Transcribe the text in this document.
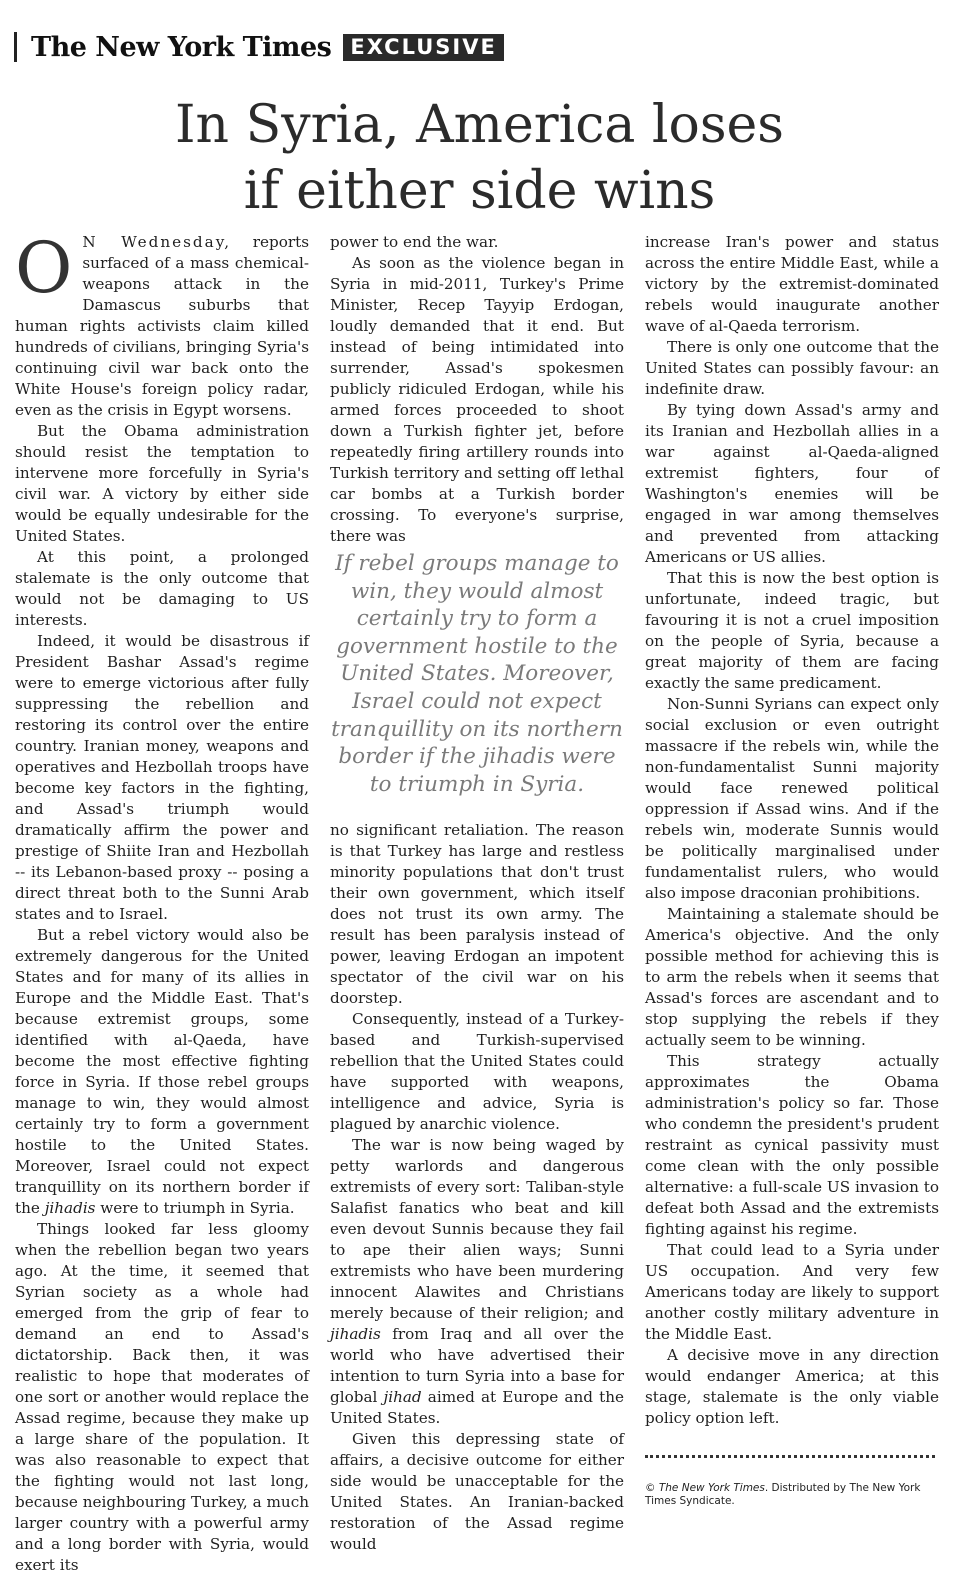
The New York Times EXCLUSIVE
In Syria, America loses
if either side wins

O N Wednesday, reports surfaced of a mass chemical-weapons attack in the Damascus suburbs that human rights activists claim killed hundreds of civilians, bringing Syria's continuing civil war back onto the White House's foreign policy radar, even as the crisis in Egypt worsens.

But the Obama administration should resist the temptation to intervene more forcefully in Syria's civil war. A victory by either side would be equally undesirable for the United States.

At this point, a prolonged stalemate is the only outcome that would not be damaging to US interests.

Indeed, it would be disastrous if President Bashar Assad's regime were to emerge victorious after fully suppressing the rebellion and restoring its control over the entire country. Iranian money, weapons and operatives and Hezbollah troops have become key factors in the fighting, and Assad's triumph would dramatically affirm the power and prestige of Shiite Iran and Hezbollah -- its Lebanon-based proxy -- posing a direct threat both to the Sunni Arab states and to Israel.

But a rebel victory would also be extremely dangerous for the United States and for many of its allies in Europe and the Middle East. That's because extremist groups, some identified with al-Qaeda, have become the most effective fighting force in Syria. If those rebel groups manage to win, they would almost certainly try to form a government hostile to the United States. Moreover, Israel could not expect tranquillity on its northern border if the jihadis were to triumph in Syria.

Things looked far less gloomy when the rebellion began two years ago. At the time, it seemed that Syrian society as a whole had emerged from the grip of fear to demand an end to Assad's dictatorship. Back then, it was realistic to hope that moderates of one sort or another would replace the Assad regime, because they make up a large share of the population. It was also reasonable to expect that the fighting would not last long, because neighbouring Turkey, a much larger country with a powerful army and a long border with Syria, would exert its

power to end the war.

As soon as the violence began in Syria in mid-2011, Turkey's Prime Minister, Recep Tayyip Erdogan, loudly demanded that it end. But instead of being intimidated into surrender, Assad's spokesmen publicly ridiculed Erdogan, while his armed forces proceeded to shoot down a Turkish fighter jet, before repeatedly firing artillery rounds into Turkish territory and setting off lethal car bombs at a Turkish border crossing. To everyone's surprise, there was

If rebel groups manage to win, they would almost certainly try to form a government hostile to the United States. Moreover, Israel could not expect tranquillity on its northern border if the jihadis were to triumph in Syria.

no significant retaliation. The reason is that Turkey has large and restless minority populations that don't trust their own government, which itself does not trust its own army. The result has been paralysis instead of power, leaving Erdogan an impotent spectator of the civil war on his doorstep.

Consequently, instead of a Turkey-based and Turkish-supervised rebellion that the United States could have supported with weapons, intelligence and advice, Syria is plagued by anarchic violence.

The war is now being waged by petty warlords and dangerous extremists of every sort: Taliban-style Salafist fanatics who beat and kill even devout Sunnis because they fail to ape their alien ways; Sunni extremists who have been murdering innocent Alawites and Christians merely because of their religion; and jihadis from Iraq and all over the world who have advertised their intention to turn Syria into a base for global jihad aimed at Europe and the United States.

Given this depressing state of affairs, a decisive outcome for either side would be unacceptable for the United States. An Iranian-backed restoration of the Assad regime would

increase Iran's power and status across the entire Middle East, while a victory by the extremist-dominated rebels would inaugurate another wave of al-Qaeda terrorism.

There is only one outcome that the United States can possibly favour: an indefinite draw.

By tying down Assad's army and its Iranian and Hezbollah allies in a war against al-Qaeda-aligned extremist fighters, four of Washington's enemies will be engaged in war among themselves and prevented from attacking Americans or US allies.

That this is now the best option is unfortunate, indeed tragic, but favouring it is not a cruel imposition on the people of Syria, because a great majority of them are facing exactly the same predicament.

Non-Sunni Syrians can expect only social exclusion or even outright massacre if the rebels win, while the non-fundamentalist Sunni majority would face renewed political oppression if Assad wins. And if the rebels win, moderate Sunnis would be politically marginalised under fundamentalist rulers, who would also impose draconian prohibitions.

Maintaining a stalemate should be America's objective. And the only possible method for achieving this is to arm the rebels when it seems that Assad's forces are ascendant and to stop supplying the rebels if they actually seem to be winning.

This strategy actually approximates the Obama administration's policy so far. Those who condemn the president's prudent restraint as cynical passivity must come clean with the only possible alternative: a full-scale US invasion to defeat both Assad and the extremists fighting against his regime.

That could lead to a Syria under US occupation. And very few Americans today are likely to support another costly military adventure in the Middle East.

A decisive move in any direction would endanger America; at this stage, stalemate is the only viable policy option left.

© The New York Times. Distributed by The New York Times Syndicate.
